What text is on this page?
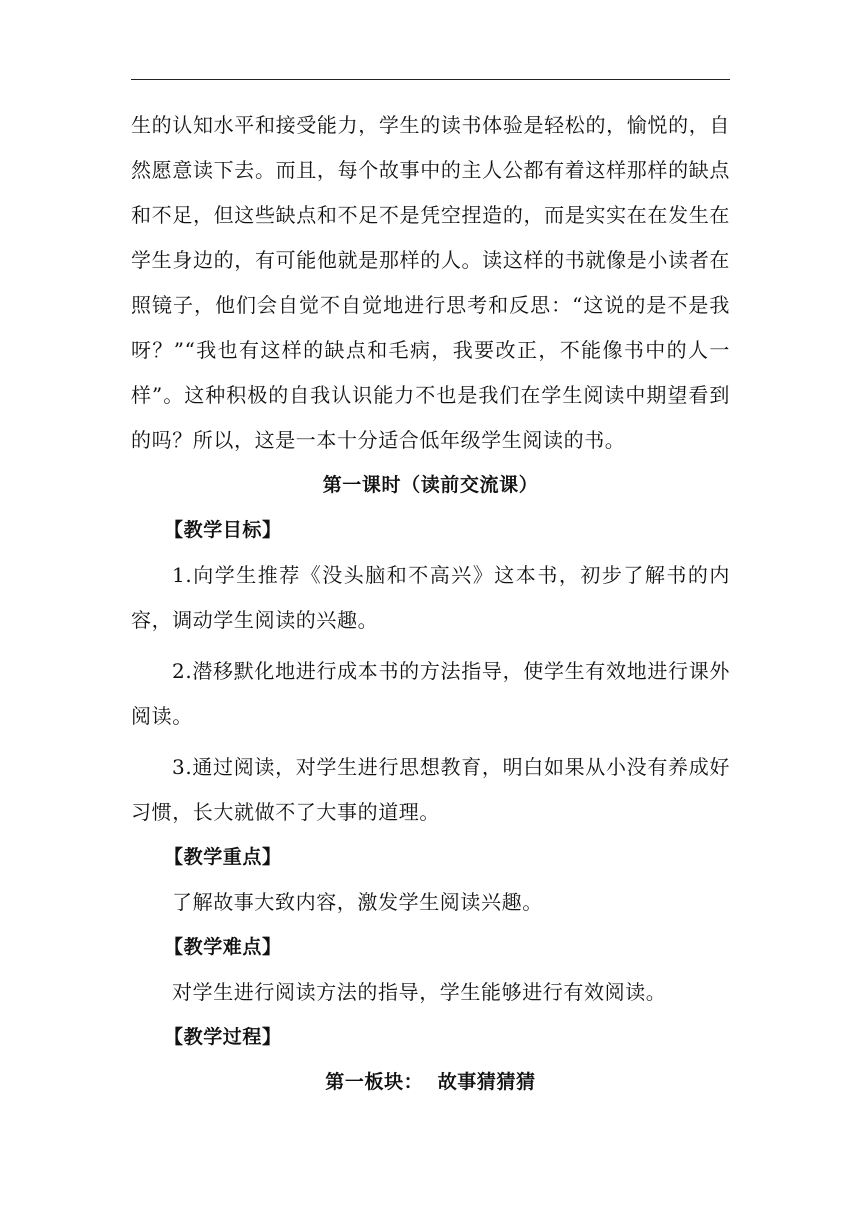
生的认知水平和接受能力，学生的读书体验是轻松的，愉悦的，自然愿意读下去。而且，每个故事中的主人公都有着这样那样的缺点和不足，但这些缺点和不足不是凭空捏造的，而是实实在在发生在学生身边的，有可能他就是那样的人。读这样的书就像是小读者在照镜子，他们会自觉不自觉地进行思考和反思：“这说的是不是我呀？”“我也有这样的缺点和毛病，我要改正，不能像书中的人一样”。这种积极的自我认识能力不也是我们在学生阅读中期望看到的吗？所以，这是一本十分适合低年级学生阅读的书。

第一课时（读前交流课）

【教学目标】

1.向学生推荐《没头脑和不高兴》这本书，初步了解书的内容，调动学生阅读的兴趣。

2.潜移默化地进行成本书的方法指导，使学生有效地进行课外阅读。

3.通过阅读，对学生进行思想教育，明白如果从小没有养成好习惯，长大就做不了大事的道理。

【教学重点】

了解故事大致内容，激发学生阅读兴趣。

【教学难点】

对学生进行阅读方法的指导，学生能够进行有效阅读。

【教学过程】

第一板块：  故事猜猜猜
